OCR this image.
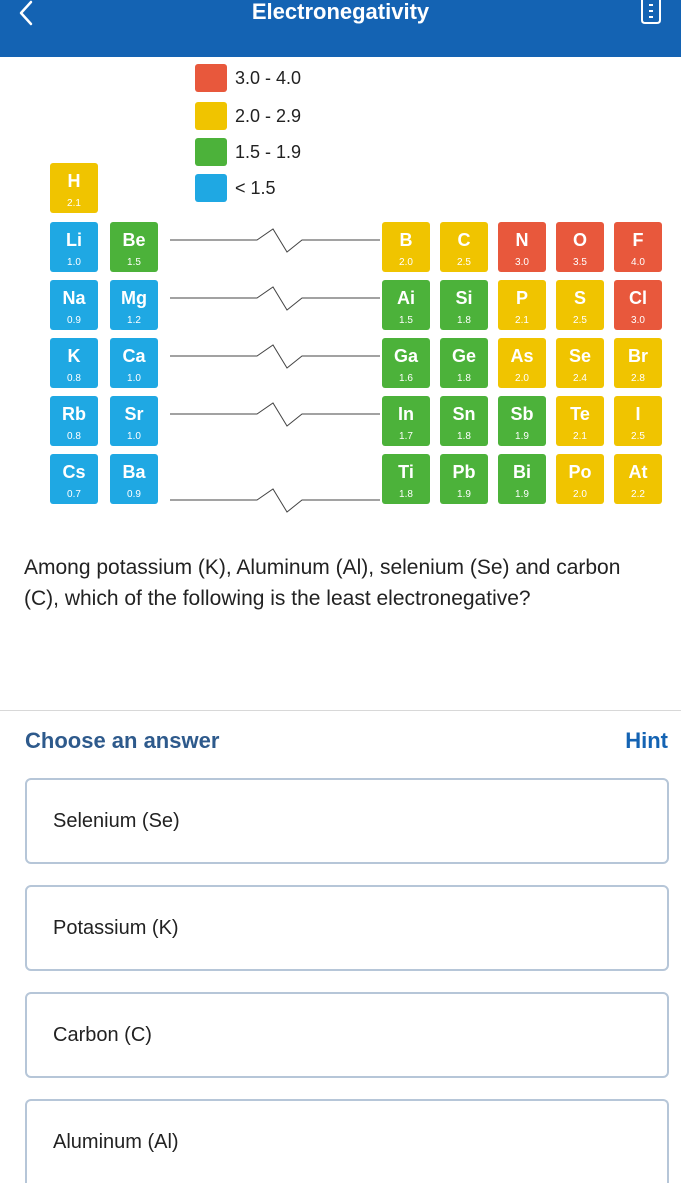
Electronegativity
3.0 - 4.0
2.0 - 2.9
1.5 - 1.9
< 1.5
H
2.1
Li
1.0
Be
1.5
Na
0.9
Mg
1.2
K
0.8
Ca
1.0
Rb
0.8
Sr
1.0
Cs
0.7
Ba
0.9
B
2.0
C
2.5
N
3.0
O
3.5
F
4.0
Ai
1.5
Si
1.8
P
2.1
S
2.5
Cl
3.0
Ga
1.6
Ge
1.8
As
2.0
Se
2.4
Br
2.8
In
1.7
Sn
1.8
Sb
1.9
Te
2.1
I
2.5
Ti
1.8
Pb
1.9
Bi
1.9
Po
2.0
At
2.2
Among potassium (K), Aluminum (Al), selenium (Se) and carbon (C), which of the following is the least electronegative?
Choose an answer	Hint
Selenium (Se)
Potassium (K)
Carbon (C)
Aluminum (Al)
